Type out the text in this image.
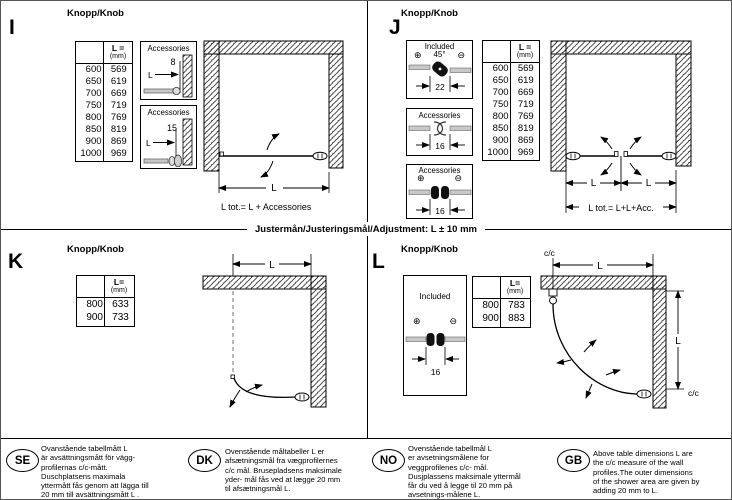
I
Knopp/Knob
L =
(mm)
600 569
650 619
700 669
750 719
800 769
850 819
900 869
1000 969
Accessories
8
L
Accessories
15
L
L
L tot.= L + Accessories
J
Knopp/Knob
Included
45°
⊕	⊖
22
Accessories
16
Accessories
⊕	⊖
16
L =
(mm)
600 569
650 619
700 669
750 719
800 769
850 819
900 869
1000 969
L	L
L tot.= L+L+Acc.
Justermån/Justeringsmål/Adjustment: L ± 10 mm
K
Knopp/Knob
L=
(mm)
800 633
900 733
L	L
Knopp/Knob
Included
⊕	⊖
16
L=
(mm)
800 783
900 883
c/c
L
L
c/c
SE
Ovanstående tabellmått L
är avsättningsmått för vägg-
profilernas c/c-mått.
Duschplatsens maximala
yttermått fås genom att lägga till
20 mm till avsättningsmått L .
DK
Ovenstående måltabeller L er
afsætningsmål fra vægprofilernes
c/c mål. Brusepladsens maksimale
yder- mål fås ved at lægge 20 mm
til afsætningsmål L.
NO
Ovenstående tabellmål L
er avsetningsmålene for
veggprofilenes c/c- mål.
Dusjplassens maksimale yttermål
får du ved å legge til 20 mm på
avsetnings-målene L.
GB
Above table dimensions L are
the c/c measure of the wall
profiles.The outer dimensions
of the shower area are given by
adding 20 mm to L.
